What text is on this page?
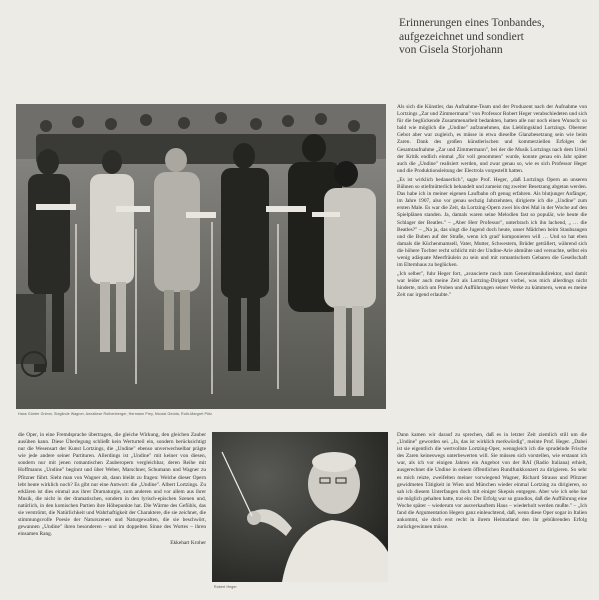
Erinnerungen eines Tonbandes,
aufgezeichnet und sondiert
von Gisela Storjohann
Hans Günter Grimm, Sieglinde Wagner, Annaliese Rothenberger, Hermann Prey, Nicolai Gedda, Ruth-Margret Pütz

Als sich die Künstler, das Aufnahme-Team und der Produzent nach der Aufnahme von Lortzings „Zar und Zimmermann" von Professor Robert Heger verabschiedeten und sich für die beglückende Zusammenarbeit bedankten, hatten alle nur noch einen Wunsch: so bald wie möglich die „Undine" aufzunehmen, das Lieblingskind Lortzings. Oberster Gebot aber war zugleich, es müsse in etwa dieselbe Glanzbesetzung sein wie beim Zaren. Dank des großen künstlerischen und kommerziellen Erfolges der Gesamtaufnahme „Zar und Zimmermann", bei der die Musik Lortzings nach dem Urteil der Kritik endlich einmal „für voll genommen" wurde, konnte genau ein Jahr später auch die „Undine" realisiert werden, und zwar genau so, wie es sich Professor Heger und die Produktionsleitung der Electrola vorgestellt hatten.

„Es ist wirklich bedauerlich", sagte Prof. Heger, „daß Lortzings Opern an unseren Bühnen so stiefmütterlich behandelt und zumeist mg zweiter Besetzung abgetan werden. Das habe ich in meiner eigenen Laufbahn oft genug erfahren. Als blutjunger Anfänger, im Jahre 1907, also vor genau sechzig Jahrzehnten, dirigierte ich die „Undine" zum ersten Male. Es war die Zeit, da Lortzing-Opern zwei bis drei Mal in der Woche auf den Spielplänen standen. Ja, damals waren seine Melodien fast so populär, wie heute die Schlager der Beatles." – „Aber Herr Professor", unterbrach ich ihn lachend, „ … die Beatles?" – „Na ja, das singt die Jugend doch heute, unser Mädchen beim Staubsaugen und die Buben auf der Straße, wenn ich grad' komponieren will … Und so hat eben damals die Küchenmamsell, Vater, Mutter, Schwestern, Brüder geträllert, während sich die höhere Tochter recht schlicht mit der Undine-Arie abmühte und versuchte, selbst ein wenig adäquate Meerfräulein zu sein und mit romantischem Gebaren die Gesellschaft im Elternhaus zu beglücken.

„Ich selber", fuhr Heger fort, „avancierte rasch zum Generalmusikdirektor, und damit war leider auch meine Zeit als Lortzing-Dirigent vorbei, was mich allerdings nicht hinderte, mich um Proben und Aufführungen seiner Werke zu kümmern, wenn es meine Zeit nur irgend erlaubte."

die Oper, in eine Fremdsprache übertragen, die gleiche Wirkung, den gleichen Zauber ausüben kann. Diese Überlegung schließt kein Werturteil ein, sondern berücksichtigt nur die Wesensart der Kunst Lortzings, die „Undine" ebenso unverwechselbar prägte wie jede andere seiner Partituren. Allerdings ist „Undine" mit keiner von diesen, sondern nur mit jenen romantischen Zauberopern vergleichbar, deren Reihe mit Hoffmanns „Undine" beginnt und über Weber, Marschner, Schumann und Wagner zu Pfitzner führt. Sieht man von Wagner ab, dann bleibt zu fragen: Welche dieser Opern lebt heute wirklich noch? Es gibt nur eine Antwort: die „Undine". Albert Lortzings. Zu erklären ist dies einmal aus ihrer Dramaturgie, zum anderen und vor allem aus ihrer Musik, die nicht in der dramatischen, sondern in den lyrisch-epischen Szenen und, natürlich, in den komischen Partien ihre Höhepunkte hat. Die Wärme des Gefühls, das sie verströmt, die Natürlichkeit und Wahrhaftigkeit der Charaktere, die sie zeichnet, die stimmungsvolle Poesie der Naturszenen und Naturgewalten, die sie beschwört, gewannen „Undine" ihren besonderen – und im doppelten Sinne des Wortes – ihren einsamen Rang.

Ekkehart Kroher

Robert Heger

Dann kamen wir darauf zu sprechen, daß es in letzter Zeit ziemlich still um die „Undine" geworden sei. „Ja, das ist wirklich merkwürdig", meinte Prof. Heger. „Dabei ist sie eigentlich die wertvollste Lortzing-Oper, wenngleich ich die sprudelnde Frische des Zaren keineswegs unterbewerten will. Sie müssen sich vorstellen, wie erstaunt ich war, als ich vor einigen Jahren ein Angebot von der RAI (Radio Italiana) erhielt, ausgerechnet die Undine in einem öffentlichen Rundfunkkonzert zu dirigieren. So sehr es mich reizte, zweifelten meiner vorwiegend Wagner, Richard Strauss und Pfitzner gewidmeten Tätigkeit in Wien und München wieder einmal Lortzing zu dirigieren, so sah ich diesem Unterfangen doch mit einiger Skepsis entgegen. Aber wie ich sehe hat sie möglich gehalten hatte, trat ein: Der Erfolg war so grandios, daß die Aufführung eine Woche später – wiederum vor ausverkauftem Haus – wiederholt werden mußte." – „Ich fand die Argumentation Hegers ganz einleuchtend, daß, wenn diese Oper sogar in Italien ankommt, sie doch erst recht in ihrem Heimatland den ihr gebührenden Erfolg zurückgewinnen müsse.
